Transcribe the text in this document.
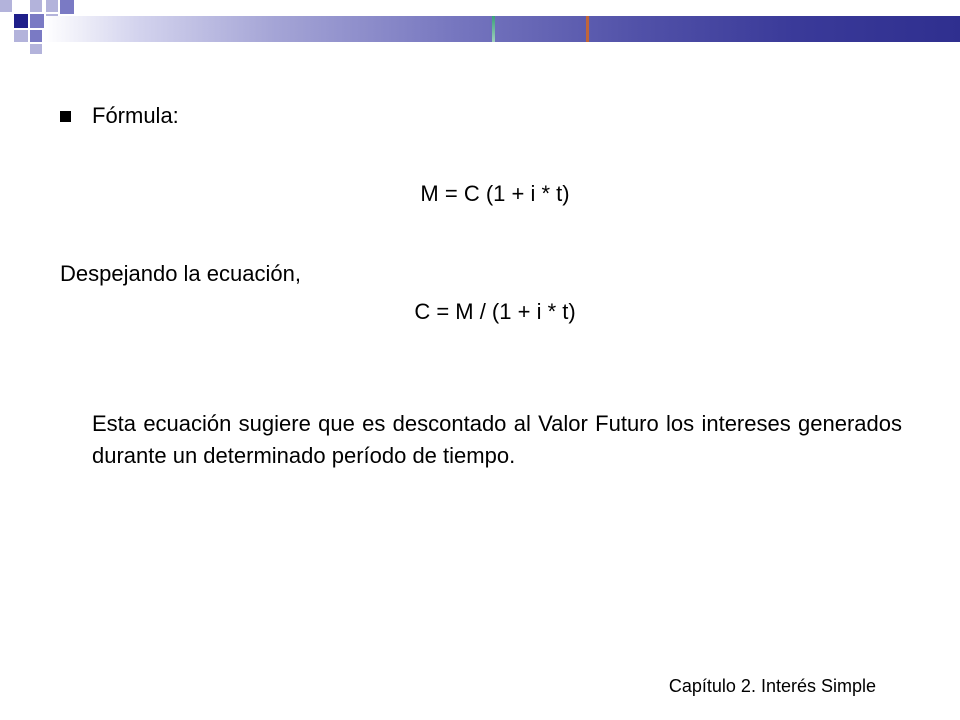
Fórmula:
M = C (1 + i * t)
Despejando la ecuación,
C = M / (1 + i * t)
Esta ecuación sugiere que es descontado al Valor Futuro los intereses generados durante un determinado período de tiempo.
Capítulo 2. Interés Simple
